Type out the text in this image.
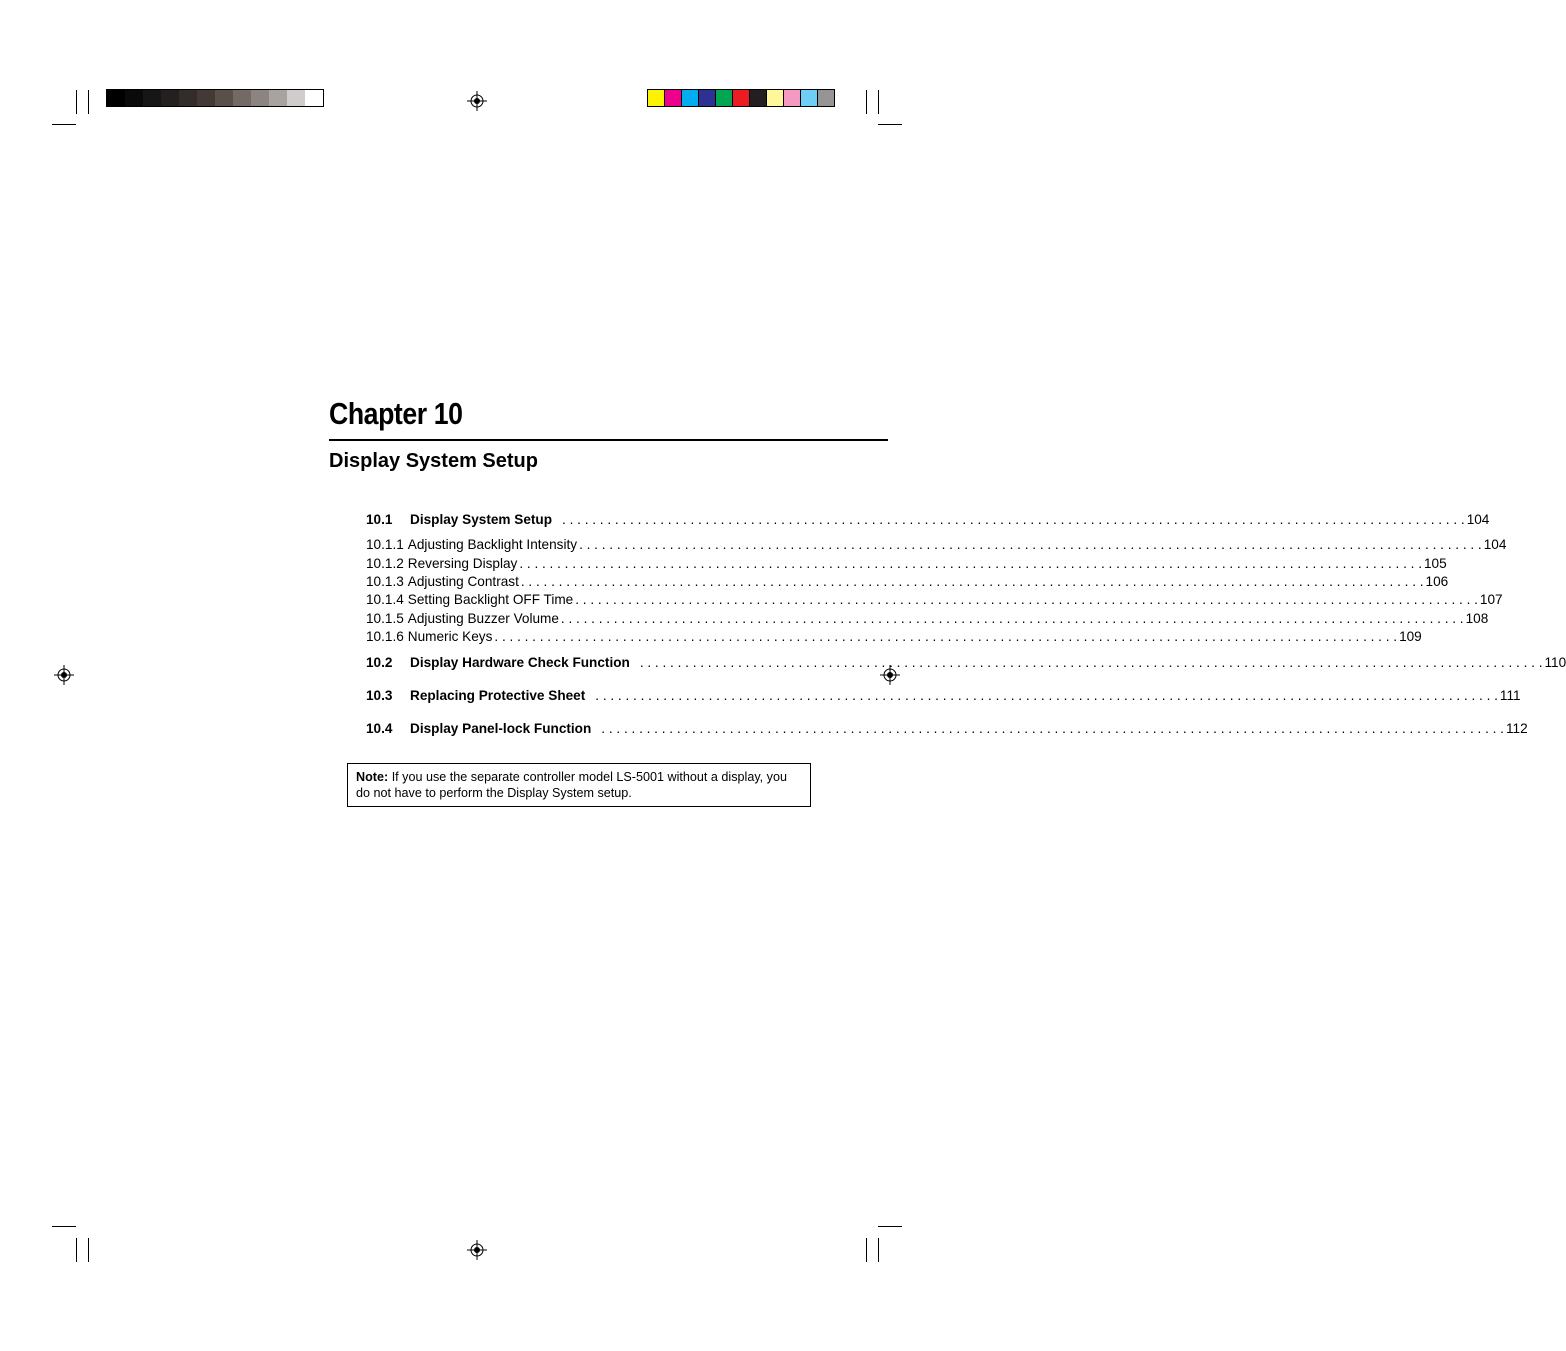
Chapter 10
Display System Setup
10.1	Display System Setup . . . . . . . . . . . . . . . . . . . . . . . . . . . . . . . . . . . . . . . . . . . . . . . . . . . . . . . . . . . . . . . . . . . . . . . . . . . . . . . . . . . . . . . . . . . . . . . . . . . . . . . . . . . . . . . . . . . . . . . . 104
10.1.1 Adjusting Backlight Intensity . . . . . . . . . . . . . . . . . . . . . . . . . . . . . . . . . . . . . . . . . . . . . . . . . . . . . . . . . . . . . . . . . . . . . . . . . . . . . . . . . . . . . . . . . . . . . . . . . . . . . . . . . . . . . . . . . . . . . . . . 104
10.1.2 Reversing Display . . . . . . . . . . . . . . . . . . . . . . . . . . . . . . . . . . . . . . . . . . . . . . . . . . . . . . . . . . . . . . . . . . . . . . . . . . . . . . . . . . . . . . . . . . . . . . . . . . . . . . . . . . . . . . . . . . . . . . . . 105
10.1.3 Adjusting Contrast . . . . . . . . . . . . . . . . . . . . . . . . . . . . . . . . . . . . . . . . . . . . . . . . . . . . . . . . . . . . . . . . . . . . . . . . . . . . . . . . . . . . . . . . . . . . . . . . . . . . . . . . . . . . . . . . . . . . . . . . 106
10.1.4 Setting Backlight OFF Time . . . . . . . . . . . . . . . . . . . . . . . . . . . . . . . . . . . . . . . . . . . . . . . . . . . . . . . . . . . . . . . . . . . . . . . . . . . . . . . . . . . . . . . . . . . . . . . . . . . . . . . . . . . . . . . . . . . . . . . . 107
10.1.5 Adjusting Buzzer Volume . . . . . . . . . . . . . . . . . . . . . . . . . . . . . . . . . . . . . . . . . . . . . . . . . . . . . . . . . . . . . . . . . . . . . . . . . . . . . . . . . . . . . . . . . . . . . . . . . . . . . . . . . . . . . . . . . . . . . . . . 108
10.1.6 Numeric Keys . . . . . . . . . . . . . . . . . . . . . . . . . . . . . . . . . . . . . . . . . . . . . . . . . . . . . . . . . . . . . . . . . . . . . . . . . . . . . . . . . . . . . . . . . . . . . . . . . . . . . . . . . . . . . . . . . . . . . . . . 109
10.2	Display Hardware Check Function . . . . . . . . . . . . . . . . . . . . . . . . . . . . . . . . . . . . . . . . . . . . . . . . . . . . . . . . . . . . . . . . . . . . . . . . . . . . . . . . . . . . . . . . . . . . . . . . . . . . . . . . . . . . . . . . . . . . . . . . 110
10.3	Replacing Protective Sheet . . . . . . . . . . . . . . . . . . . . . . . . . . . . . . . . . . . . . . . . . . . . . . . . . . . . . . . . . . . . . . . . . . . . . . . . . . . . . . . . . . . . . . . . . . . . . . . . . . . . . . . . . . . . . . . . . . . . . . . . 111
10.4	Display Panel-lock Function . . . . . . . . . . . . . . . . . . . . . . . . . . . . . . . . . . . . . . . . . . . . . . . . . . . . . . . . . . . . . . . . . . . . . . . . . . . . . . . . . . . . . . . . . . . . . . . . . . . . . . . . . . . . . . . . . . . . . . . . 112
Note: If you use the separate controller model LS-5001 without a display, you do not have to perform the Display System setup.
